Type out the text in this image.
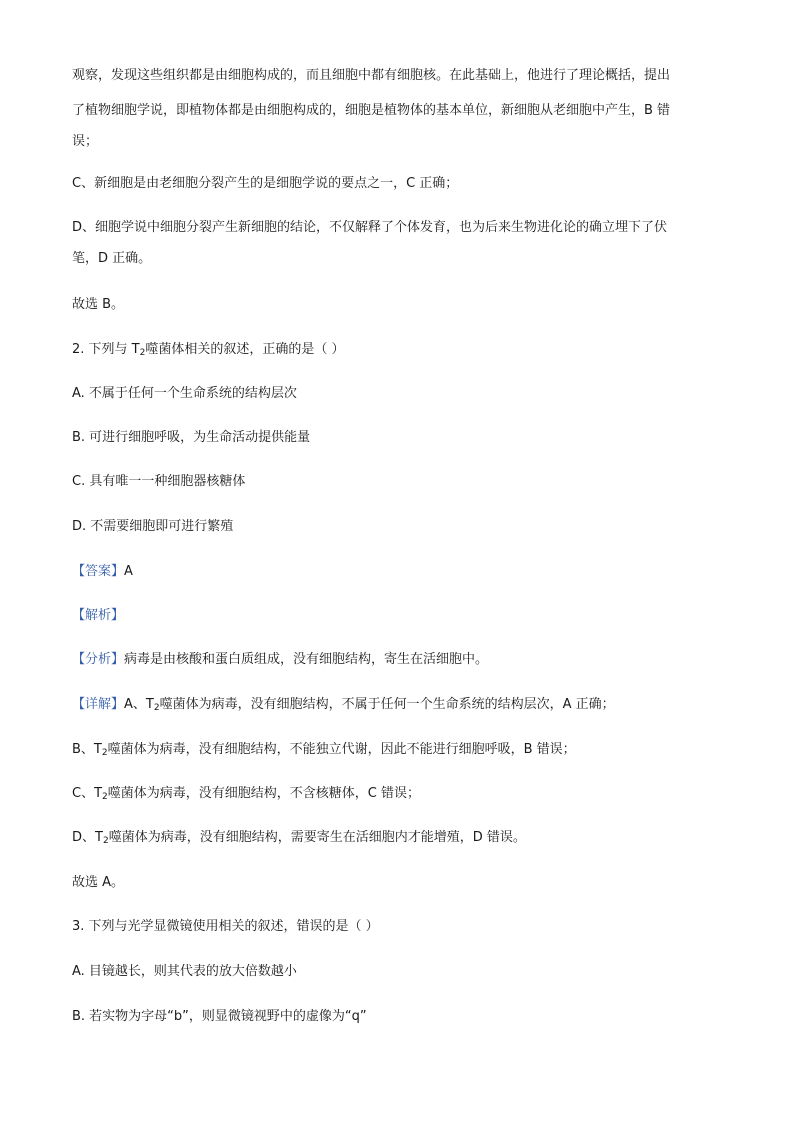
观察，发现这些组织都是由细胞构成的，而且细胞中都有细胞核。在此基础上，他进行了理论概括，提出
了植物细胞学说，即植物体都是由细胞构成的，细胞是植物体的基本单位，新细胞从老细胞中产生，B 错
误；
C、新细胞是由老细胞分裂产生的是细胞学说的要点之一，C 正确；
D、细胞学说中细胞分裂产生新细胞的结论，不仅解释了个体发育，也为后来生物进化论的确立埋下了伏
笔，D 正确。
故选 B。
2. 下列与 $T_2$噬菌体相关的叙述，正确的是（ ）
A. 不属于任何一个生命系统的结构层次
B. 可进行细胞呼吸，为生命活动提供能量
C. 具有唯一一种细胞器核糖体
D. 不需要细胞即可进行繁殖
【答案】A
【解析】
【分析】病毒是由核酸和蛋白质组成，没有细胞结构，寄生在活细胞中。
【详解】A、$T_2$噬菌体为病毒，没有细胞结构，不属于任何一个生命系统的结构层次，A 正确；
B、$T_2$噬菌体为病毒，没有细胞结构，不能独立代谢，因此不能进行细胞呼吸，B 错误；
C、$T_2$噬菌体为病毒，没有细胞结构，不含核糖体，C 错误；
D、$T_2$噬菌体为病毒，没有细胞结构，需要寄生在活细胞内才能增殖，D 错误。
故选 A。
3. 下列与光学显微镜使用相关的叙述，错误的是（ ）
A. 目镜越长，则其代表的放大倍数越小
B. 若实物为字母“b”，则显微镜视野中的虚像为“q”
